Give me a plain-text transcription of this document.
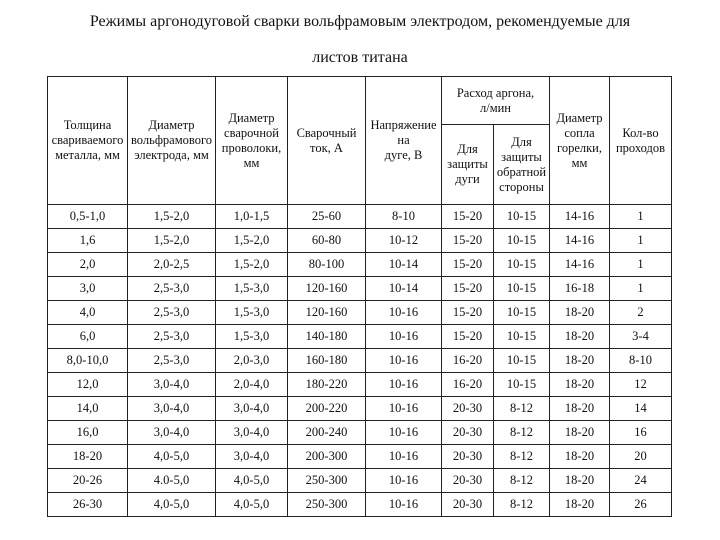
Режимы аргонодуговой сварки вольфрамовым электродом, рекомендуемые для
листов титана
Толщина
свариваемого
металла, мм	Диаметр
вольфрамового
электрода, мм	Диаметр
сварочной
проволоки,
мм	Сварочный
ток, А	Напряжение
на
дуге, В	Расход аргона,
л/мин		Диаметр
сопла
горелки,
мм	Кол-во
проходов

					Для
защиты
дуги	Для
защиты
обратной
стороны		

0,5-1,0	1,5-2,0	1,0-1,5	25-60	8-10	15-20	10-15	14-16	1
1,6	1,5-2,0	1,5-2,0	60-80	10-12	15-20	10-15	14-16	1
2,0	2,0-2,5	1,5-2,0	80-100	10-14	15-20	10-15	14-16	1
3,0	2,5-3,0	1,5-3,0	120-160	10-14	15-20	10-15	16-18	1
4,0	2,5-3,0	1,5-3,0	120-160	10-16	15-20	10-15	18-20	2
6,0	2,5-3,0	1,5-3,0	140-180	10-16	15-20	10-15	18-20	3-4
8,0-10,0	2,5-3,0	2,0-3,0	160-180	10-16	16-20	10-15	18-20	8-10
12,0	3,0-4,0	2,0-4,0	180-220	10-16	16-20	10-15	18-20	12
14,0	3,0-4,0	3,0-4,0	200-220	10-16	20-30	8-12	18-20	14
16,0	3,0-4,0	3,0-4,0	200-240	10-16	20-30	8-12	18-20	16
18-20	4,0-5,0	3,0-4,0	200-300	10-16	20-30	8-12	18-20	20
20-26	4.0-5,0	4,0-5,0	250-300	10-16	20-30	8-12	18-20	24
26-30	4,0-5,0	4,0-5,0	250-300	10-16	20-30	8-12	18-20	26
